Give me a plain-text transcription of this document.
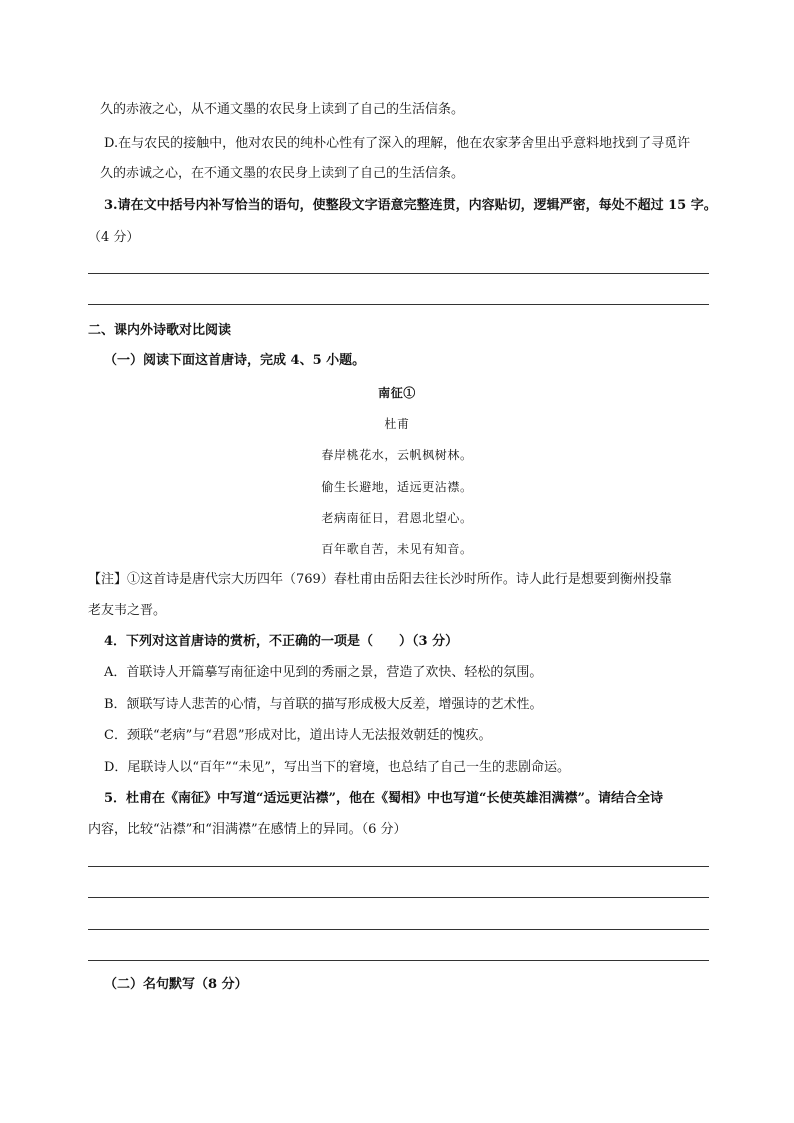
久的赤液之心，从不通文墨的农民身上读到了自己的生活信条。
D.在与农民的接触中，他对农民的纯朴心性有了深入的理解，他在农家茅舍里出乎意料地找到了寻觅许
久的赤诚之心，在不通文墨的农民身上读到了自己的生活信条。
3.请在文中括号内补写恰当的语句，使整段文字语意完整连贯，内容贴切，逻辑严密，每处不超过 15 字。
（4 分）
二、课内外诗歌对比阅读
（一）阅读下面这首唐诗，完成 4、5 小题。
南征①
杜甫
春岸桃花水，云帆枫树林。
偷生长避地，适远更沾襟。
老病南征日，君恩北望心。
百年歌自苦，未见有知音。
【注】①这首诗是唐代宗大历四年（769）春杜甫由岳阳去往长沙时所作。诗人此行是想要到衡州投靠
老友韦之晋。
4．下列对这首唐诗的赏析，不正确的一项是（　　）（3 分）
A．首联诗人开篇摹写南征途中见到的秀丽之景，营造了欢快、轻松的氛围。
B．颔联写诗人悲苦的心情，与首联的描写形成极大反差，增强诗的艺术性。
C．颈联“老病”与“君恩”形成对比，道出诗人无法报效朝廷的愧疚。
D．尾联诗人以“百年”“未见”，写出当下的窘境，也总结了自己一生的悲剧命运。
5．杜甫在《南征》中写道“适远更沾襟”，他在《蜀相》中也写道“长使英雄泪满襟”。请结合全诗
内容，比较“沾襟”和“泪满襟”在感情上的异同。（6 分）
（二）名句默写（8 分）
